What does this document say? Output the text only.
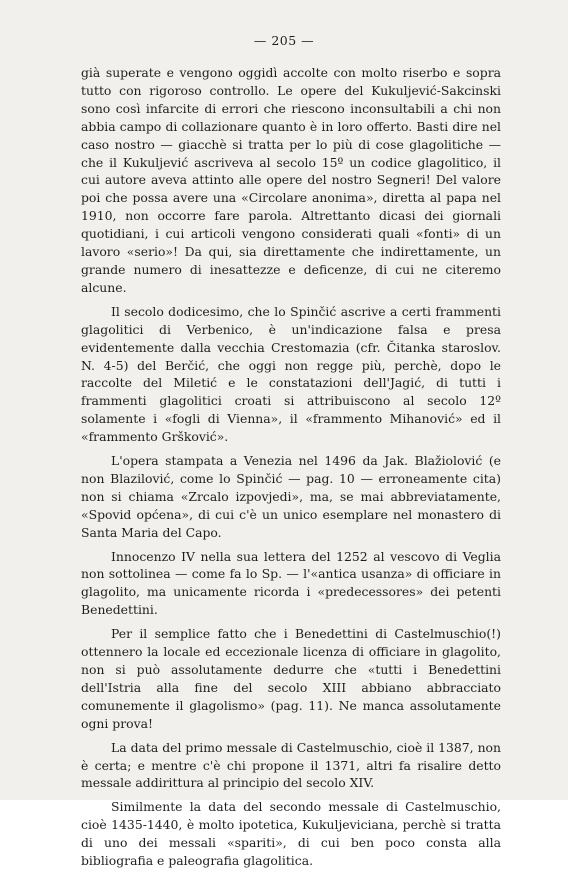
— 205 —

già superate e vengono oggidì accolte con molto riserbo e sopra tutto con rigoroso controllo. Le opere del Kukuljević-Sakcinski sono così infarcite di errori che riescono inconsultabili a chi non abbia campo di collazionare quanto è in loro offerto. Basti dire nel caso nostro — giacchè si tratta per lo più di cose glagolitiche — che il Kukuljević ascriveva al secolo 15º un codice glagolitico, il cui autore aveva attinto alle opere del nostro Segneri! Del valore poi che possa avere una «Circolare anonima», diretta al papa nel 1910, non occorre fare parola. Altrettanto dicasi dei giornali quotidiani, i cui articoli vengono considerati quali «fonti» di un lavoro «serio»! Da qui, sia direttamente che indirettamente, un grande numero di inesattezze e deficenze, di cui ne citeremo alcune.

Il secolo dodicesimo, che lo Spinčić ascrive a certi frammenti glagolitici di Verbenico, è un'indicazione falsa e presa evidentemente dalla vecchia Crestomazia (cfr. Čitanka staroslov. N. 4-5) del Berčić, che oggi non regge più, perchè, dopo le raccolte del Miletić e le constatazioni dell'Jagić, di tutti i frammenti glagolitici croati si attribuiscono al secolo 12º solamente i «fogli di Vienna», il «frammento Mihanović» ed il «frammento Gršković».

L'opera stampata a Venezia nel 1496 da Jak. Blažiolović (e non Blazilović, come lo Spinčić — pag. 10 — erroneamente cita) non si chiama «Zrcalo izpovjedi», ma, se mai abbreviatamente, «Spovid općena», di cui c'è un unico esemplare nel monastero di Santa Maria del Capo.

Innocenzo IV nella sua lettera del 1252 al vescovo di Veglia non sottolinea — come fa lo Sp. — l'«antica usanza» di officiare in glagolito, ma unicamente ricorda i «predecessores» dei petenti Benedettini.

Per il semplice fatto che i Benedettini di Castelmuschio(!) ottennero la locale ed eccezionale licenza di officiare in glagolito, non si può assolutamente dedurre che «tutti i Benedettini dell'Istria alla fine del secolo XIII abbiano abbracciato comunemente il glagolismo» (pag. 11). Ne manca assolutamente ogni prova!

La data del primo messale di Castelmuschio, cioè il 1387, non è certa; e mentre c'è chi propone il 1371, altri fa risalire detto messale addirittura al principio del secolo XIV.

Similmente la data del secondo messale di Castelmuschio, cioè 1435-1440, è molto ipotetica, Kukuljeviciana, perchè si tratta di uno dei messali «spariti», di cui ben poco consta alla bibliografia e paleografia glagolitica.
